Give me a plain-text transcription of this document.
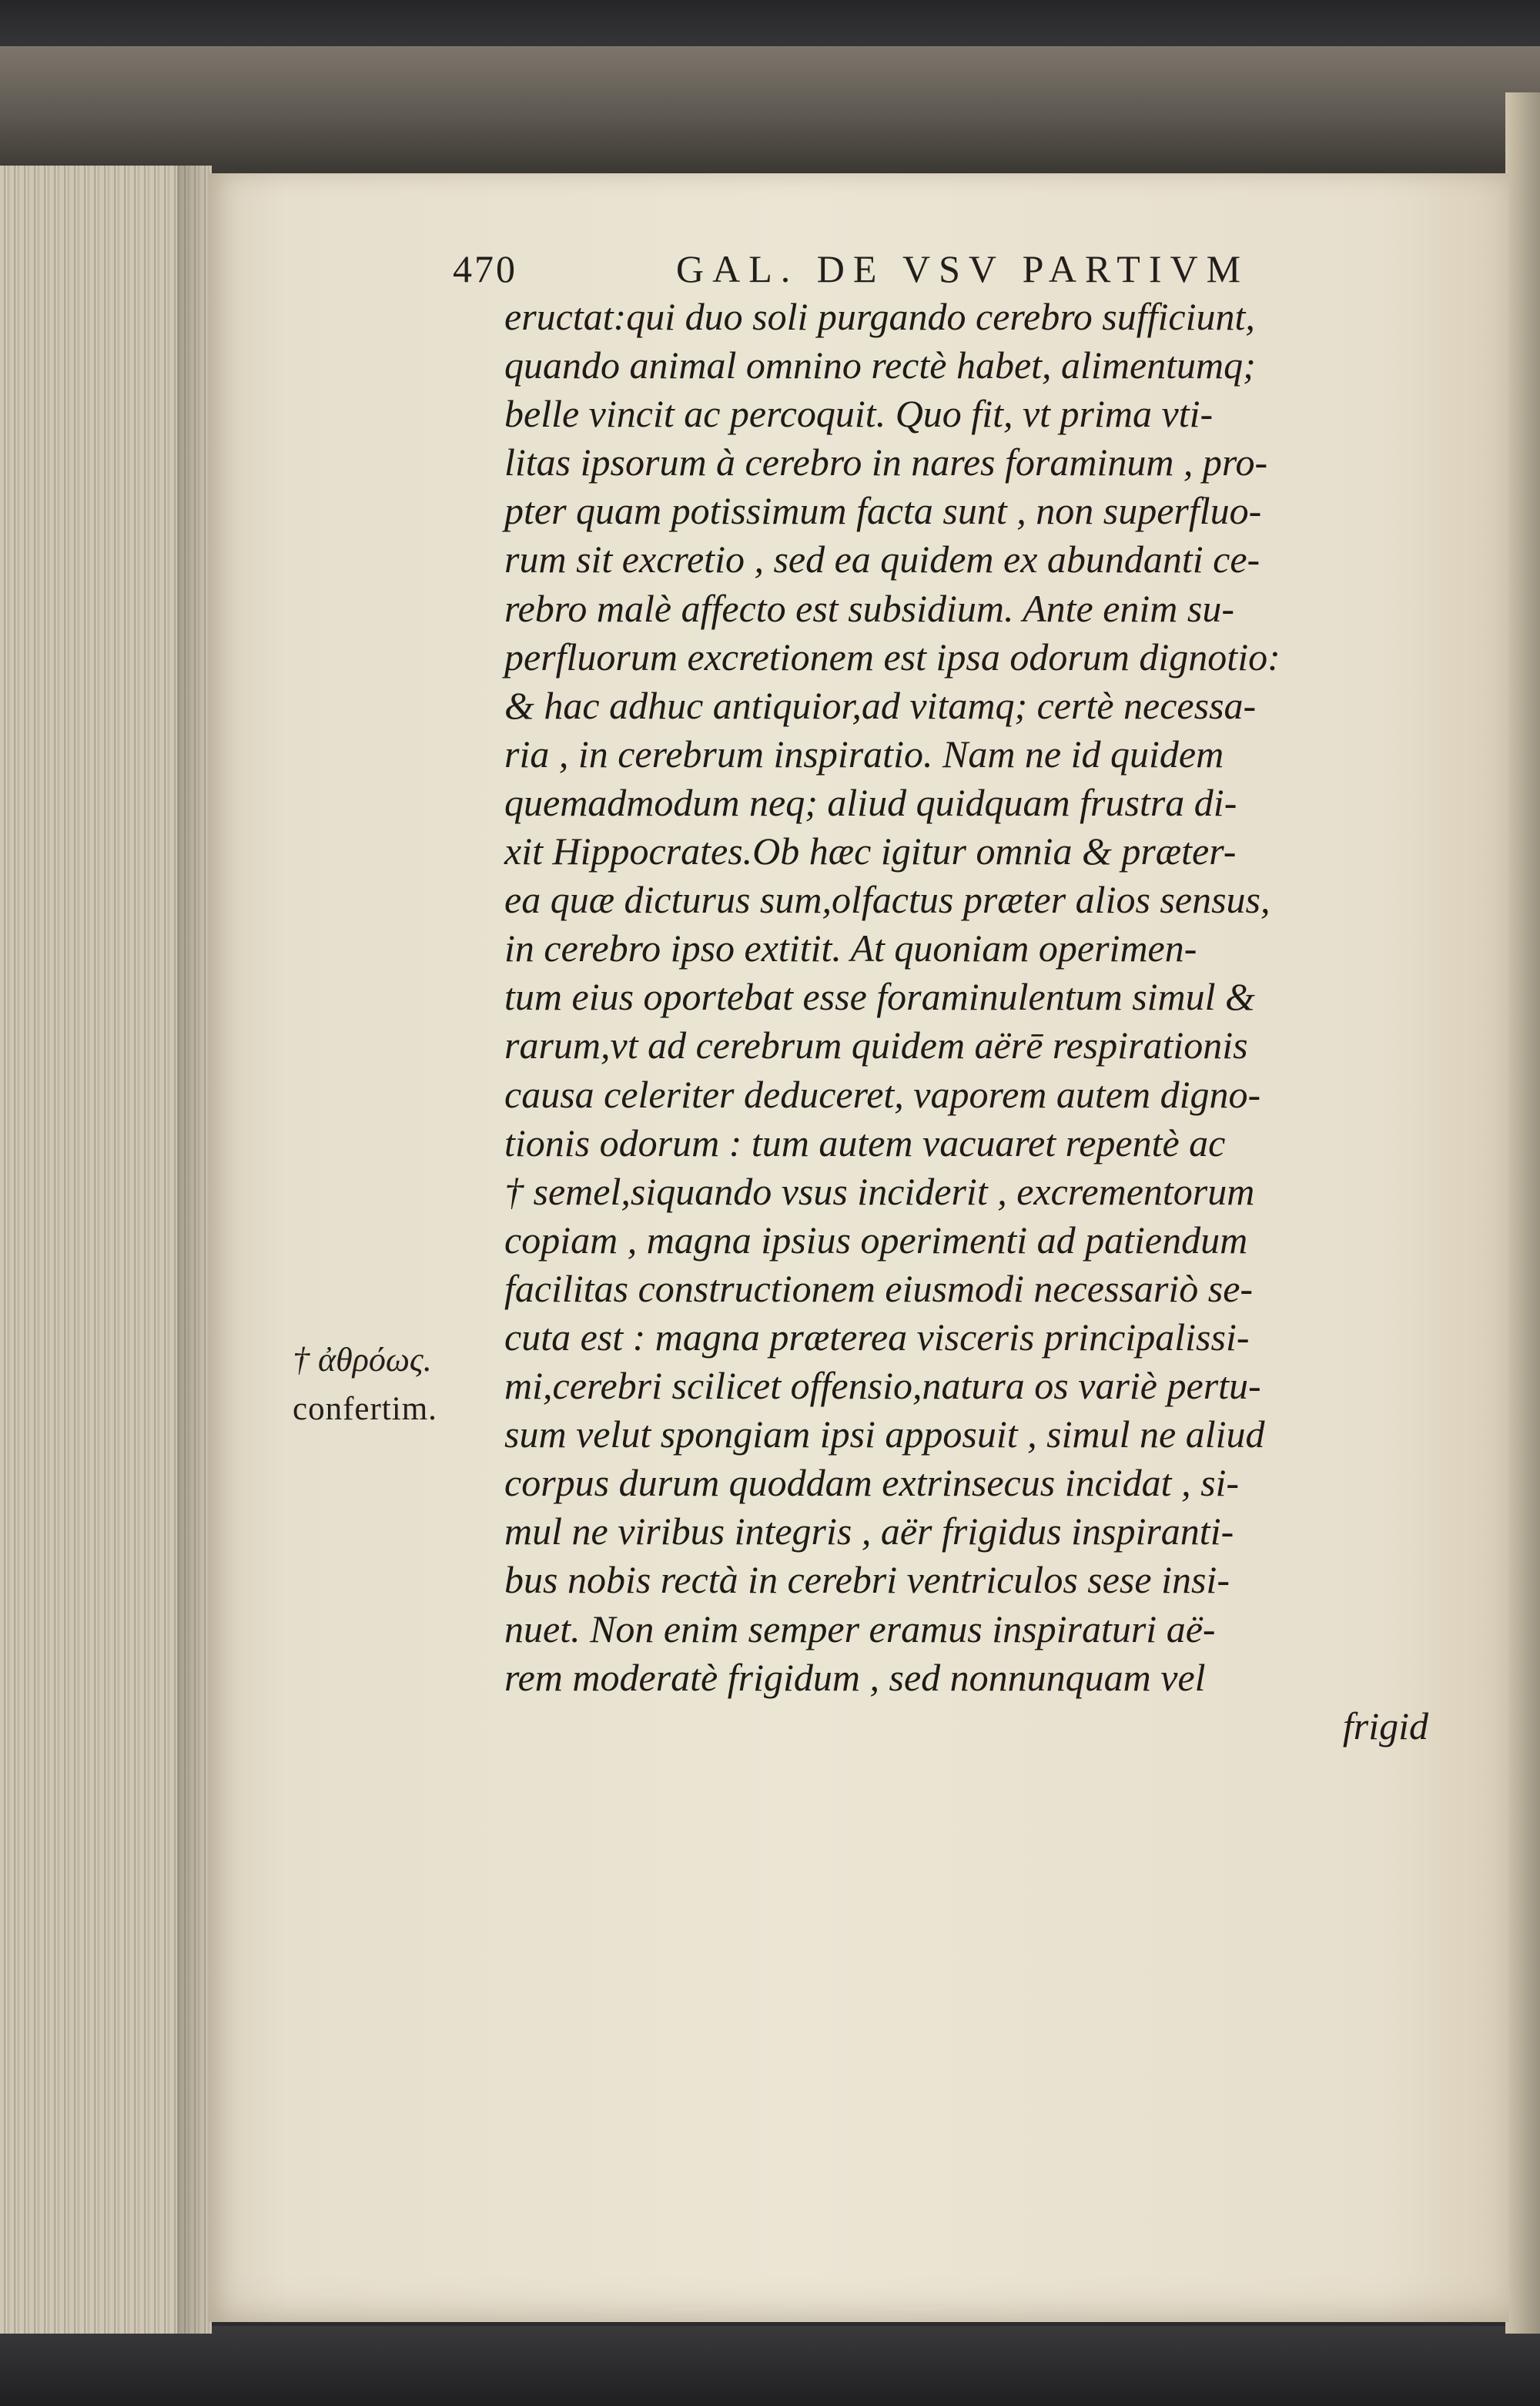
470	GAL. DE VSV PARTIVM
† ἀθρόως.
confertim.
eructat:qui duo soli purgando cerebro sufficiunt,
quando animal omnino rectè habet, alimentumq;
belle vincit ac percoquit. Quo fit, vt prima vti-
litas ipsorum à cerebro in nares foraminum , pro-
pter quam potissimum facta sunt , non superfluo-
rum sit excretio , sed ea quidem ex abundanti ce-
rebro malè affecto est subsidium. Ante enim su-
perfluorum excretionem est ipsa odorum dignotio:
& hac adhuc antiquior,ad vitamq; certè necessa-
ria , in cerebrum inspiratio. Nam ne id quidem
quemadmodum neq; aliud quidquam frustra di-
xit Hippocrates.Ob hæc igitur omnia & præter-
ea quæ dicturus sum,olfactus præter alios sensus,
in cerebro ipso extitit. At quoniam operimen-
tum eius oportebat esse foraminulentum simul &
rarum,vt ad cerebrum quidem aërē respirationis
causa celeriter deduceret, vaporem autem digno-
tionis odorum : tum autem vacuaret repentè ac
† semel,siquando vsus inciderit , excrementorum
copiam , magna ipsius operimenti ad patiendum
facilitas constructionem eiusmodi necessariò se-
cuta est : magna præterea visceris principalissi-
mi,cerebri scilicet offensio,natura os variè pertu-
sum velut spongiam ipsi apposuit , simul ne aliud
corpus durum quoddam extrinsecus incidat , si-
mul ne viribus integris , aër frigidus inspiranti-
bus nobis rectà in cerebri ventriculos sese insi-
nuet. Non enim semper eramus inspiraturi aë-
rem moderatè frigidum , sed nonnunquam vel
frigid
